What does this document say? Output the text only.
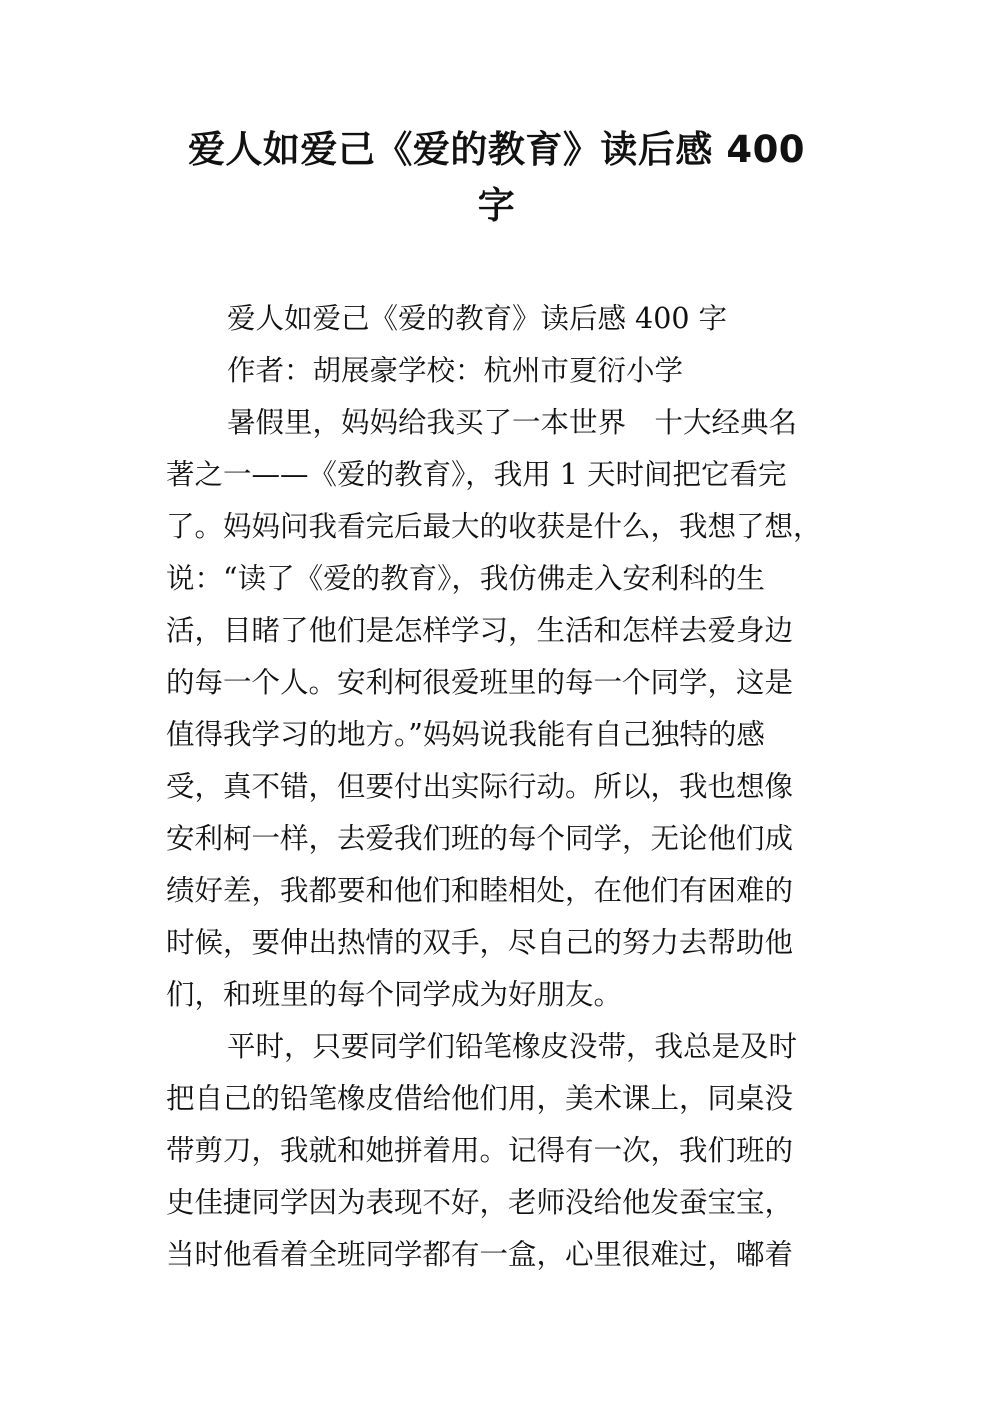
爱人如爱己《爱的教育》读后感 400
字
爱人如爱己《爱的教育》读后感 400 字
作者：胡展豪学校：杭州市夏衍小学
暑假里，妈妈给我买了一本世界　十大经典名
著之一——《爱的教育》，我用 1 天时间把它看完
了。妈妈问我看完后最大的收获是什么，我想了想，
说：“读了《爱的教育》，我仿佛走入安利科的生
活，目睹了他们是怎样学习，生活和怎样去爱身边
的每一个人。安利柯很爱班里的每一个同学，这是
值得我学习的地方。”妈妈说我能有自己独特的感
受，真不错，但要付出实际行动。所以，我也想像
安利柯一样，去爱我们班的每个同学，无论他们成
绩好差，我都要和他们和睦相处，在他们有困难的
时候，要伸出热情的双手，尽自己的努力去帮助他
们，和班里的每个同学成为好朋友。
平时，只要同学们铅笔橡皮没带，我总是及时
把自己的铅笔橡皮借给他们用，美术课上，同桌没
带剪刀，我就和她拼着用。记得有一次，我们班的
史佳捷同学因为表现不好，老师没给他发蚕宝宝，
当时他看着全班同学都有一盒，心里很难过，嘟着
